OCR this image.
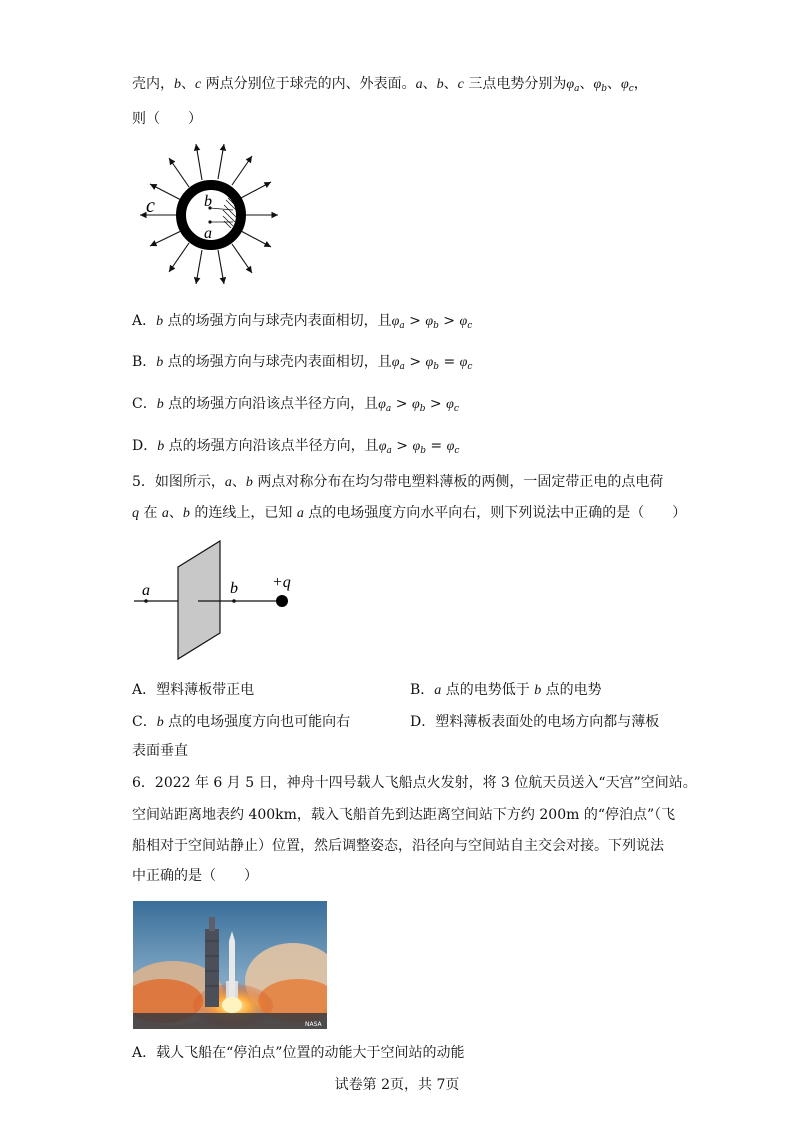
壳内，b、c 两点分别位于球壳的内、外表面。a、b、c 三点电势分别为$\varphi_a$、$\varphi_b$、$\varphi_c$，
则（　　）
c	b
a
A．b 点的场强方向与球壳内表面相切，且$\varphi_a > \varphi_b > \varphi_c$
B．b 点的场强方向与球壳内表面相切，且$\varphi_a > \varphi_b = \varphi_c$
C．b 点的场强方向沿该点半径方向，且$\varphi_a > \varphi_b > \varphi_c$
D．b 点的场强方向沿该点半径方向，且$\varphi_a > \varphi_b = \varphi_c$
5．如图所示，a、b 两点对称分布在均匀带电塑料薄板的两侧，一固定带正电的点电荷
q 在 a、b 的连线上，已知 a 点的电场强度方向水平向右，则下列说法中正确的是（　　）
a	b +q
A．塑料薄板带正电	B．a 点的电势低于 b 点的电势
C．b 点的电场强度方向也可能向右	D．塑料薄板表面处的电场方向都与薄板
表面垂直
6．2022 年 6 月 5 日，神舟十四号载人飞船点火发射，将 3 位航天员送入“天宫”空间站。
空间站距离地表约 400km，载入飞船首先到达距离空间站下方约 200m 的“停泊点”（飞
船相对于空间站静止）位置，然后调整姿态，沿径向与空间站自主交会对接。下列说法
中正确的是（　　）
NASA
A．载人飞船在“停泊点”位置的动能大于空间站的动能
试卷第 2页，共 7页
